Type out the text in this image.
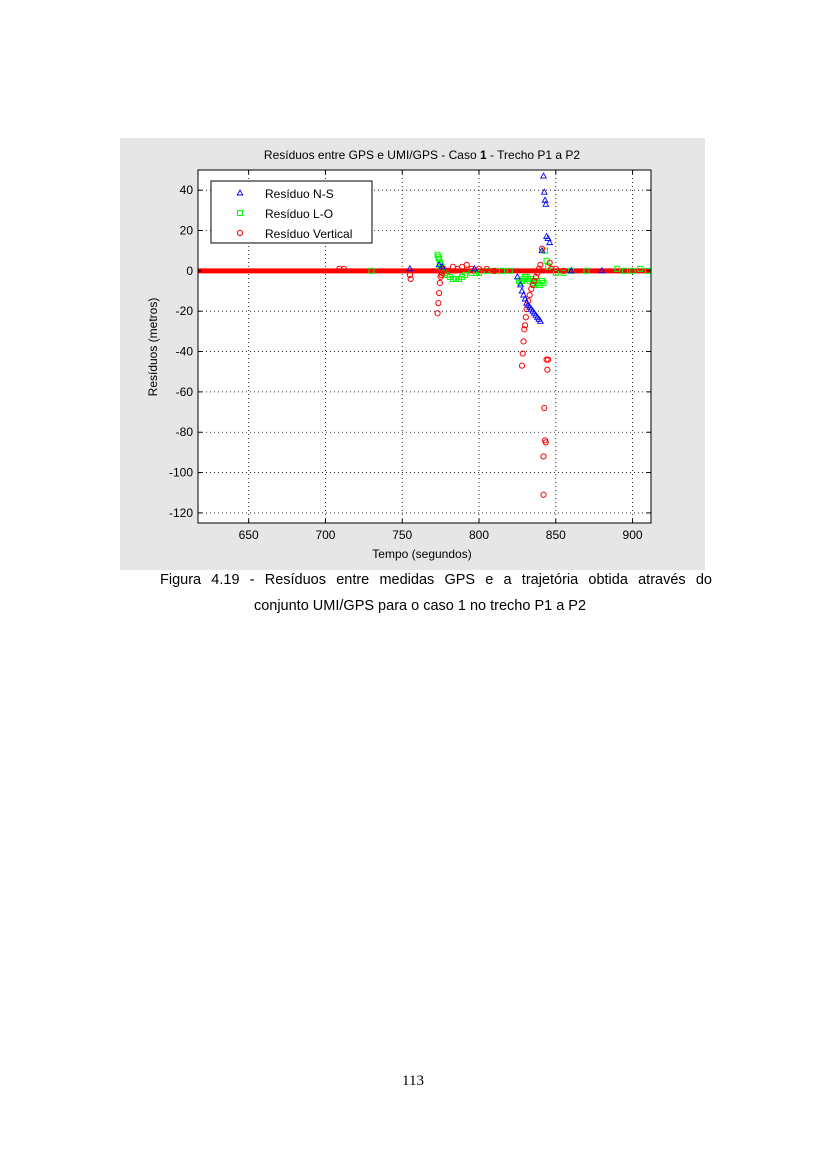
650	700	750	800	850	900
40
20
0
-20
-40
-60
-80
-100
-120
Resíduos entre GPS e UMI/GPS - Caso 1 - Trecho P1 a P2
Tempo (segundos)
Resíduos (metros)
Resíduo N-S
Resíduo L-O
Resíduo Vertical
Figura 4.19 - Resíduos entre medidas GPS e a trajetória obtida através do
conjunto UMI/GPS para o caso 1 no trecho P1 a P2
113
